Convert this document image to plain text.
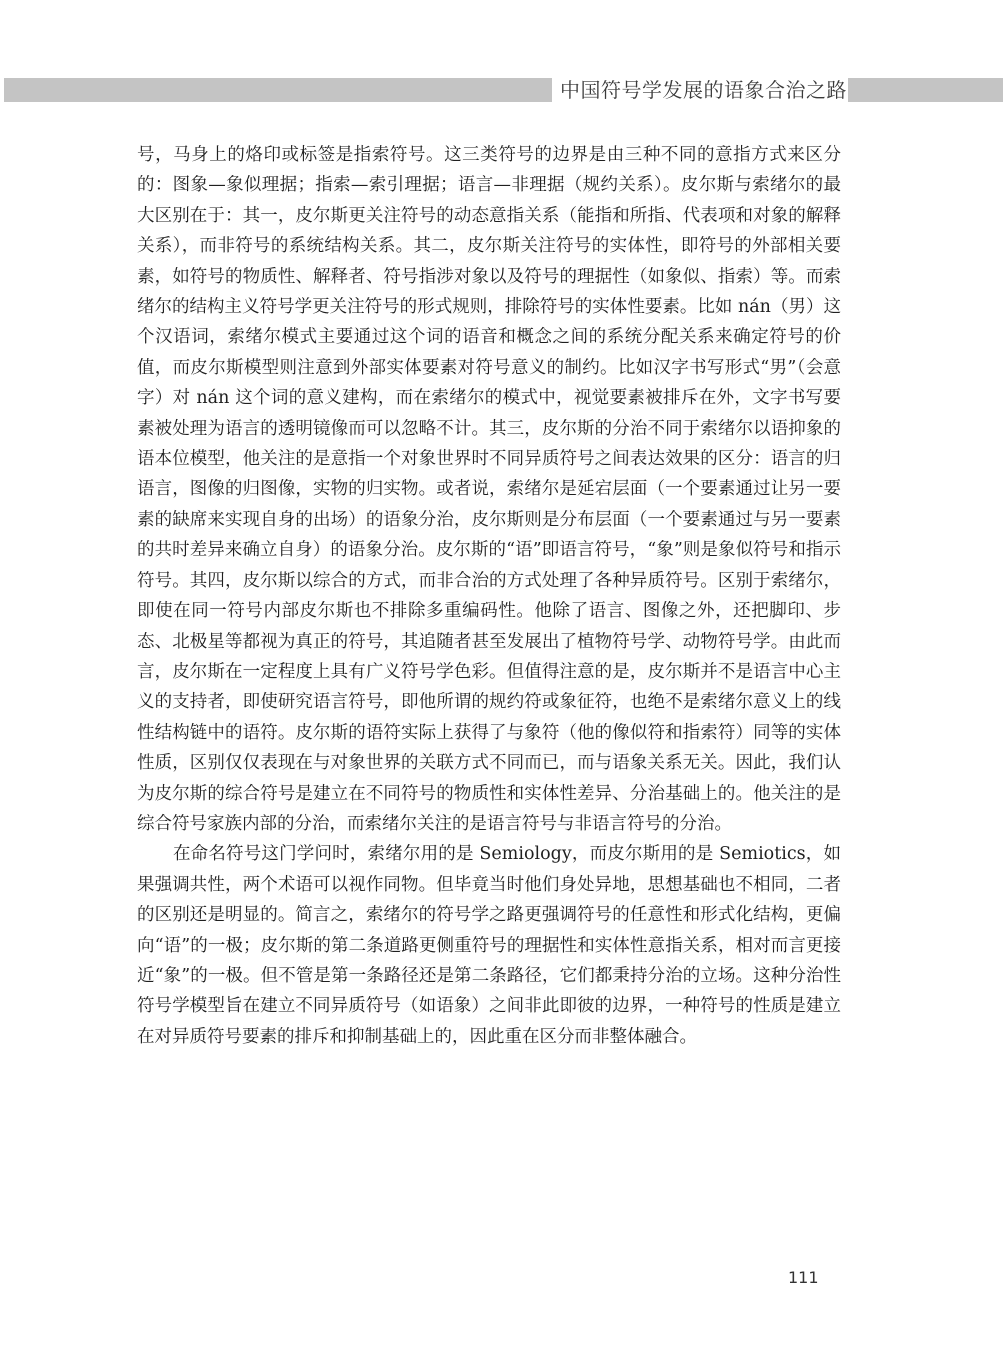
中国符号学发展的语象合治之路

号，马身上的烙印或标签是指索符号。这三类符号的边界是由三种不同的意指方式来区分的：图象—象似理据；指索—索引理据；语言—非理据（规约关系）。皮尔斯与索绪尔的最大区别在于：其一，皮尔斯更关注符号的动态意指关系（能指和所指、代表项和对象的解释关系），而非符号的系统结构关系。其二，皮尔斯关注符号的实体性，即符号的外部相关要素，如符号的物质性、解释者、符号指涉对象以及符号的理据性（如象似、指索）等。而索绪尔的结构主义符号学更关注符号的形式规则，排除符号的实体性要素。比如 nán（男）这个汉语词，索绪尔模式主要通过这个词的语音和概念之间的系统分配关系来确定符号的价值，而皮尔斯模型则注意到外部实体要素对符号意义的制约。比如汉字书写形式“男”（会意字）对 nán 这个词的意义建构，而在索绪尔的模式中，视觉要素被排斥在外，文字书写要素被处理为语言的透明镜像而可以忽略不计。其三，皮尔斯的分治不同于索绪尔以语抑象的语本位模型，他关注的是意指一个对象世界时不同异质符号之间表达效果的区分：语言的归语言，图像的归图像，实物的归实物。或者说，索绪尔是延宕层面（一个要素通过让另一要素的缺席来实现自身的出场）的语象分治，皮尔斯则是分布层面（一个要素通过与另一要素的共时差异来确立自身）的语象分治。皮尔斯的“语”即语言符号，“象”则是象似符号和指示符号。其四，皮尔斯以综合的方式，而非合治的方式处理了各种异质符号。区别于索绪尔，即使在同一符号内部皮尔斯也不排除多重编码性。他除了语言、图像之外，还把脚印、步态、北极星等都视为真正的符号，其追随者甚至发展出了植物符号学、动物符号学。由此而言，皮尔斯在一定程度上具有广义符号学色彩。但值得注意的是，皮尔斯并不是语言中心主义的支持者，即使研究语言符号，即他所谓的规约符或象征符，也绝不是索绪尔意义上的线性结构链中的语符。皮尔斯的语符实际上获得了与象符（他的像似符和指索符）同等的实体性质，区别仅仅表现在与对象世界的关联方式不同而已，而与语象关系无关。因此，我们认为皮尔斯的综合符号是建立在不同符号的物质性和实体性差异、分治基础上的。他关注的是综合符号家族内部的分治，而索绪尔关注的是语言符号与非语言符号的分治。

在命名符号这门学问时，索绪尔用的是 Semiology，而皮尔斯用的是 Semiotics，如果强调共性，两个术语可以视作同物。但毕竟当时他们身处异地，思想基础也不相同，二者的区别还是明显的。简言之，索绪尔的符号学之路更强调符号的任意性和形式化结构，更偏向“语”的一极；皮尔斯的第二条道路更侧重符号的理据性和实体性意指关系，相对而言更接近“象”的一极。但不管是第一条路径还是第二条路径，它们都秉持分治的立场。这种分治性符号学模型旨在建立不同异质符号（如语象）之间非此即彼的边界，一种符号的性质是建立在对异质符号要素的排斥和抑制基础上的，因此重在区分而非整体融合。

111
